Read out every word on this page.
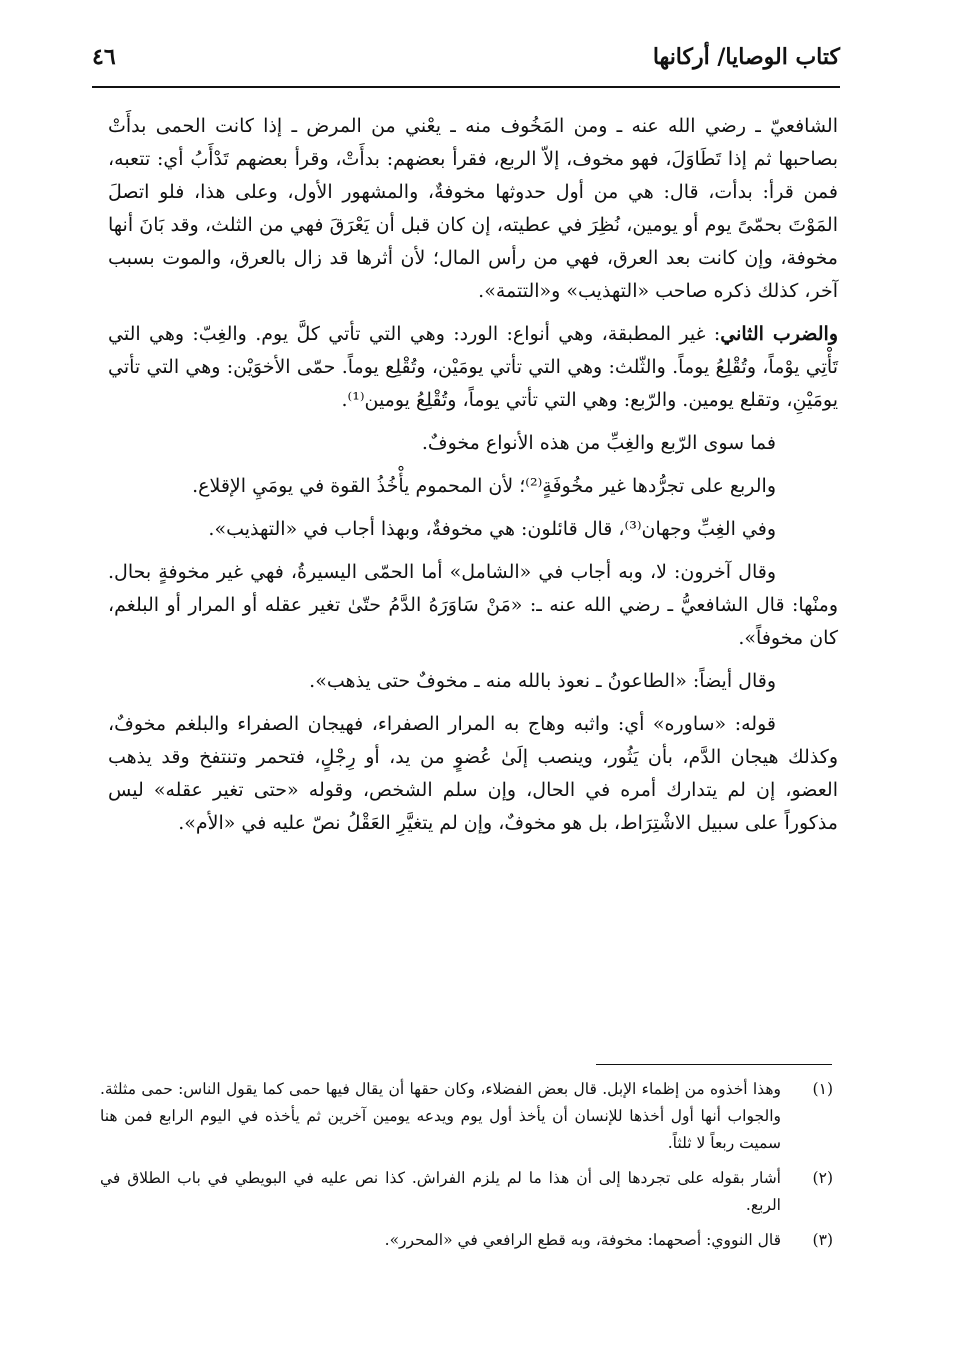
كتاب الوصايا/ أركانها
٤٦

الشافعيّ ـ رضي الله عنه ـ ومن المَخُوف منه ـ يعْني من المرض ـ إذا كانت الحمى بدأَتْ بصاحبها ثم إذا تَطَاوَلَ، فهو مخوف، إلاّ الربع، فقرأ بعضهم: بدأَتْ، وقرأ بعضهم تَدْأَبُ أي: تتعبه، فمن قرأ: بدأت، قال: هي من أول حدوثها مخوفةٌ، والمشهور الأول، وعلى هذا، فلو اتصلَ المَوْتَ بحمّىً يوم أو يومين، نُظِرَ في عطيته، إن كان قبل أن يَعْرَقَ فهي من الثلث، وقد بَانَ أنها مخوفة، وإن كانت بعد العرق، فهي من رأس المال؛ لأن أثرها قد زال بالعرق، والموت بسبب آخر، كذلك ذكره صاحب «التهذيب» و«التتمة».

والضرب الثاني: غير المطبقة، وهي أنواع: الورد: وهي التي تأتي كلَّ يوم. والغِبّ: وهي التي تَأْتِي يوْماً، وتُقْلِعُ يوماً. والثّلث: وهي التي تأتي يومَيْن، وتُقْلِع يوماً. حمّى الأخوَيْن: وهي التي تأتي يومَيْنِ، وتقلع يومين. والرّبع: وهي التي تأتي يوماً، وتُقْلِعُ يومين⁽¹⁾.

فما سوى الرّبع والغِبِّ من هذه الأنواع مخوفٌ.

والربع على تجرُّدها غير مخُوفَةٍ⁽²⁾؛ لأن المحموم يأْخُذُ القوة في يومَيِ الإقلاع.

وفي الغِبِّ وجهان⁽³⁾، قال قائلون: هي مخوفةٌ، وبهذا أجاب في «التهذيب».

وقال آخرون: لا، وبه أجاب في «الشامل» أما الحمّى اليسيرةُ، فهي غير مخوفةٍ بحال. ومنْها: قال الشافعيُّ ـ رضي الله عنه ـ: «مَنْ سَاوَرَهُ الدَّمُ حتّىٰ تغير عقله أو المرار أو البلغم، كان مخوفاً».

وقال أيضاً: «الطاعونُ ـ نعوذ بالله منه ـ مخوفٌ حتى يذهب».

قوله: «ساوره» أي: واثبه وهاج به المرار الصفراء، فهيجان الصفراء والبلغم مخوفٌ، وكذلك هيجان الدَّم، بأن يَثُور، وينصب إلَىٰ عُضوٍ من يد، أو رِجْلٍ، فتحمر وتنتفخ وقد يذهب العضو، إن لم يتدارك أمره في الحال، وإن سلم الشخص، وقوله «حتى تغير عقله» ليس مذكوراً على سبيل الاشْتِرَاط، بل هو مخوفٌ، وإن لم يتغيَّرِ العَقْلُ نصّ عليه في «الأم».

(١)
وهذا أخذوه من إظماء الإبل. قال بعض الفضلاء، وكان حقها أن يقال فيها حمى كما يقول الناس: حمى مثلثة. والجواب أنها أول أخذها للإنسان أن يأخذ أول يوم ويدعه يومين آخرين ثم يأخذه في اليوم الرابع فمن هنا سميت ربعاً لا ثلثاً.
(٢)
أشار بقوله على تجردها إلى أن هذا ما لم يلزم الفراش. كذا نص عليه في البويطي في باب الطلاق في الربع.
(٣)
قال النووي: أصحهما: مخوفة، وبه قطع الرافعي في «المحرر».
